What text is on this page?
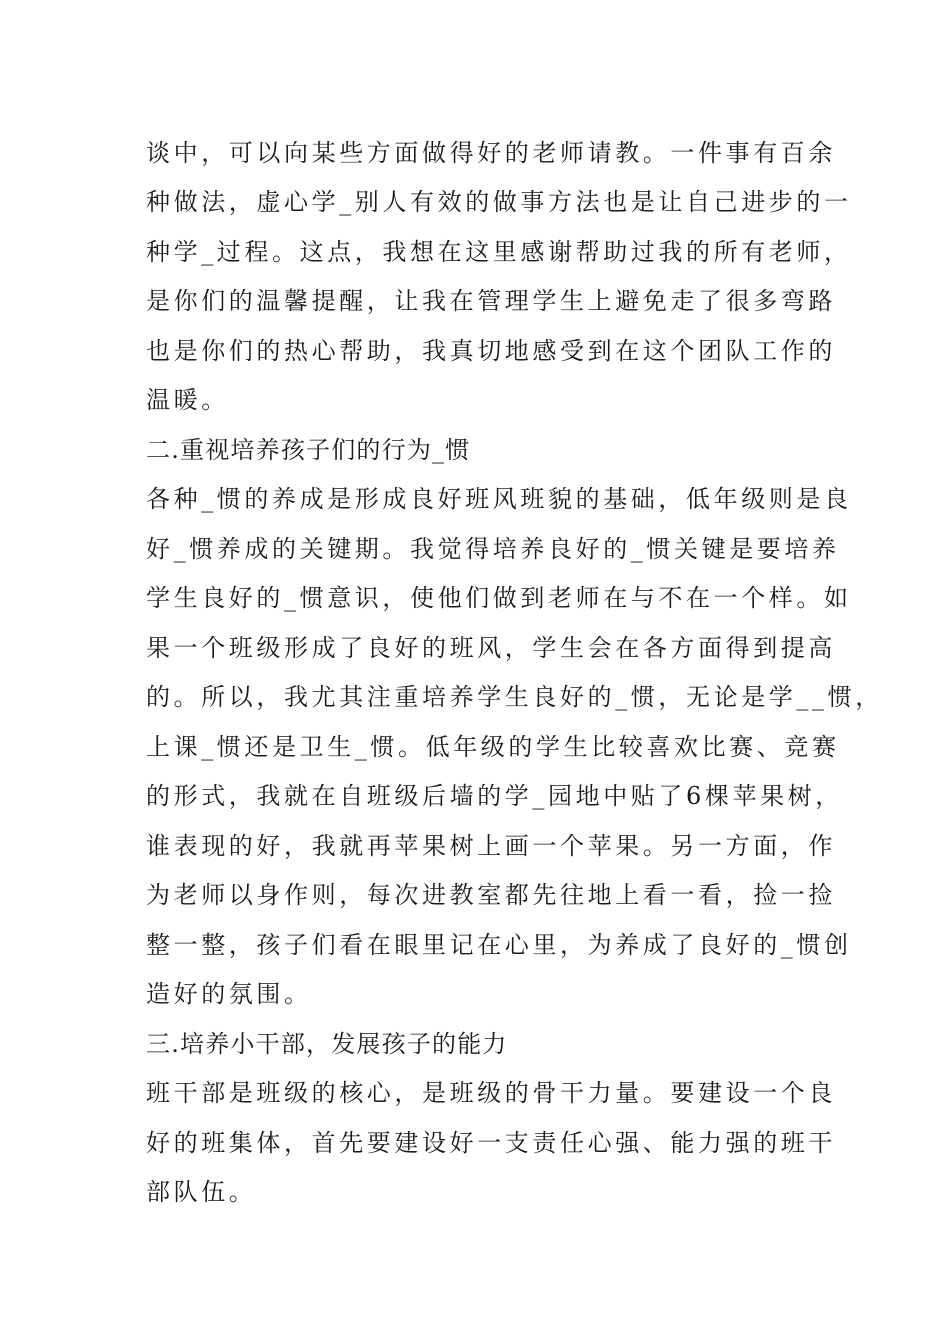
谈中，可以向某些方面做得好的老师请教。一件事有百余
种做法，虚心学_别人有效的做事方法也是让自己进步的一
种学_过程。这点，我想在这里感谢帮助过我的所有老师，
是你们的温馨提醒，让我在管理学生上避免走了很多弯路
也是你们的热心帮助，我真切地感受到在这个团队工作的
温暖。
二.重视培养孩子们的行为_惯
各种_惯的养成是形成良好班风班貌的基础，低年级则是良
好_惯养成的关键期。我觉得培养良好的_惯关键是要培养
学生良好的_惯意识，使他们做到老师在与不在一个样。如
果一个班级形成了良好的班风，学生会在各方面得到提高
的。所以，我尤其注重培养学生良好的_惯，无论是学__惯，
上课_惯还是卫生_惯。低年级的学生比较喜欢比赛、竞赛
的形式，我就在自班级后墙的学_园地中贴了6棵苹果树，
谁表现的好，我就再苹果树上画一个苹果。另一方面，作
为老师以身作则，每次进教室都先往地上看一看，捡一捡
整一整，孩子们看在眼里记在心里，为养成了良好的_惯创
造好的氛围。
三.培养小干部，发展孩子的能力
班干部是班级的核心，是班级的骨干力量。要建设一个良
好的班集体，首先要建设好一支责任心强、能力强的班干
部队伍。
